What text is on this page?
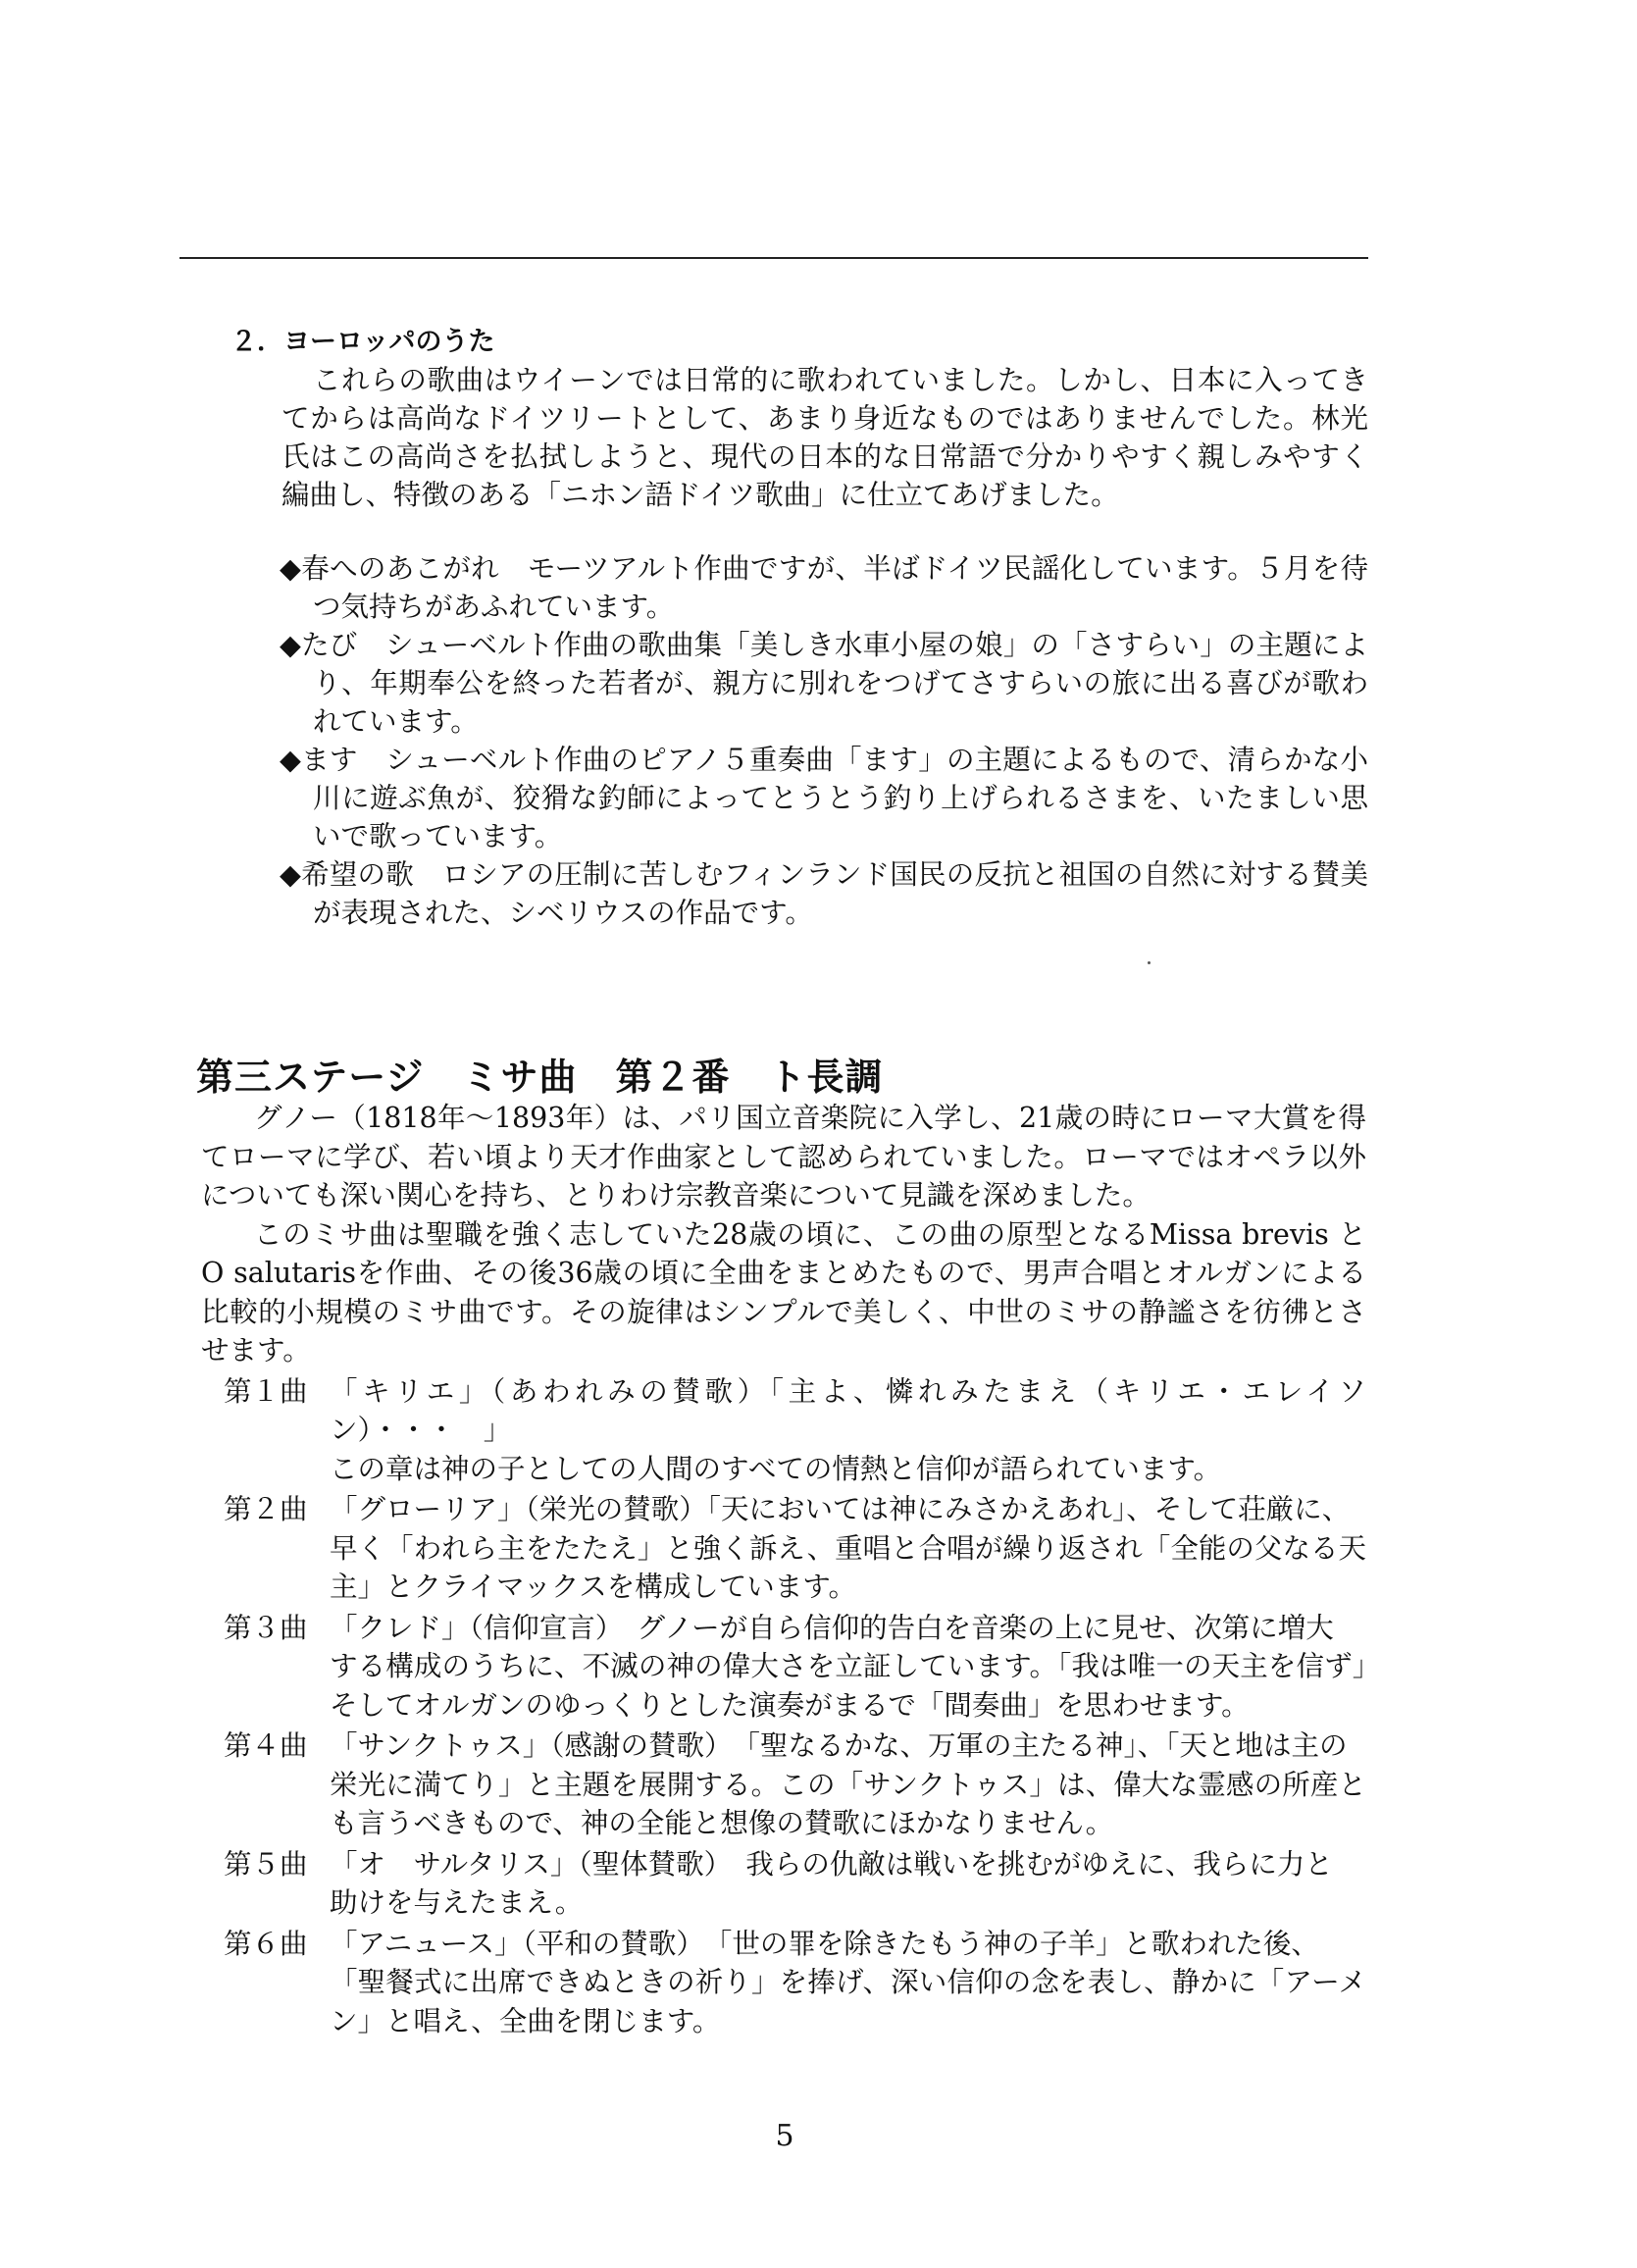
２．ヨーロッパのうた

これらの歌曲はウイーンでは日常的に歌われていました。しかし、日本に入ってきてからは高尚なドイツリートとして、あまり身近なものではありませんでした。林光氏はこの高尚さを払拭しようと、現代の日本的な日常語で分かりやすく親しみやすく編曲し、特徴のある「ニホン語ドイツ歌曲」に仕立てあげました。

◆春へのあこがれ　モーツアルト作曲ですが、半ばドイツ民謡化しています。５月を待つ気持ちがあふれています。
◆たび　シューベルト作曲の歌曲集「美しき水車小屋の娘」の「さすらい」の主題により、年期奉公を終った若者が、親方に別れをつげてさすらいの旅に出る喜びが歌われています。
◆ます　シューベルト作曲のピアノ５重奏曲「ます」の主題によるもので、清らかな小川に遊ぶ魚が、狡猾な釣師によってとうとう釣り上げられるさまを、いたましい思いで歌っています。
◆希望の歌　ロシアの圧制に苦しむフィンランド国民の反抗と祖国の自然に対する賛美が表現された、シベリウスの作品です。
第三ステージ　ミサ曲　第２番　ト長調

グノー（1818年～1893年）は、パリ国立音楽院に入学し、21歳の時にローマ大賞を得てローマに学び、若い頃より天才作曲家として認められていました。ローマではオペラ以外についても深い関心を持ち、とりわけ宗教音楽について見識を深めました。

このミサ曲は聖職を強く志していた28歳の頃に、この曲の原型となるMissa brevis とO salutarisを作曲、その後36歳の頃に全曲をまとめたもので、男声合唱とオルガンによる比較的小規模のミサ曲です。その旋律はシンプルで美しく、中世のミサの静謐さを彷彿とさせます。

第１曲 「キリエ」（あわれみの賛歌）「主よ、憐れみたまえ（キリエ・エレイソン）・・・　」
この章は神の子としての人間のすべての情熱と信仰が語られています。
第２曲 「グローリア」（栄光の賛歌）「天においては神にみさかえあれ」、そして荘厳に、
早く「われら主をたたえ」と強く訴え、重唱と合唱が繰り返され「全能の父なる天主」とクライマックスを構成しています。
第３曲 「クレド」（信仰宣言）　グノーが自ら信仰的告白を音楽の上に見せ、次第に増大
する構成のうちに、不滅の神の偉大さを立証しています。「我は唯一の天主を信ず」そしてオルガンのゆっくりとした演奏がまるで「間奏曲」を思わせます。
第４曲 「サンクトゥス」（感謝の賛歌）　「聖なるかな、万軍の主たる神」、「天と地は主の
栄光に満てり」と主題を展開する。この「サンクトゥス」は、偉大な霊感の所産とも言うべきもので、神の全能と想像の賛歌にほかなりません。
第５曲 「オ　サルタリス」（聖体賛歌）　我らの仇敵は戦いを挑むがゆえに、我らに力と
助けを与えたまえ。
第６曲 「アニュース」（平和の賛歌）　「世の罪を除きたもう神の子羊」と歌われた後、
「聖餐式に出席できぬときの祈り」を捧げ、深い信仰の念を表し、静かに「アーメン」と唱え、全曲を閉じます。
5
